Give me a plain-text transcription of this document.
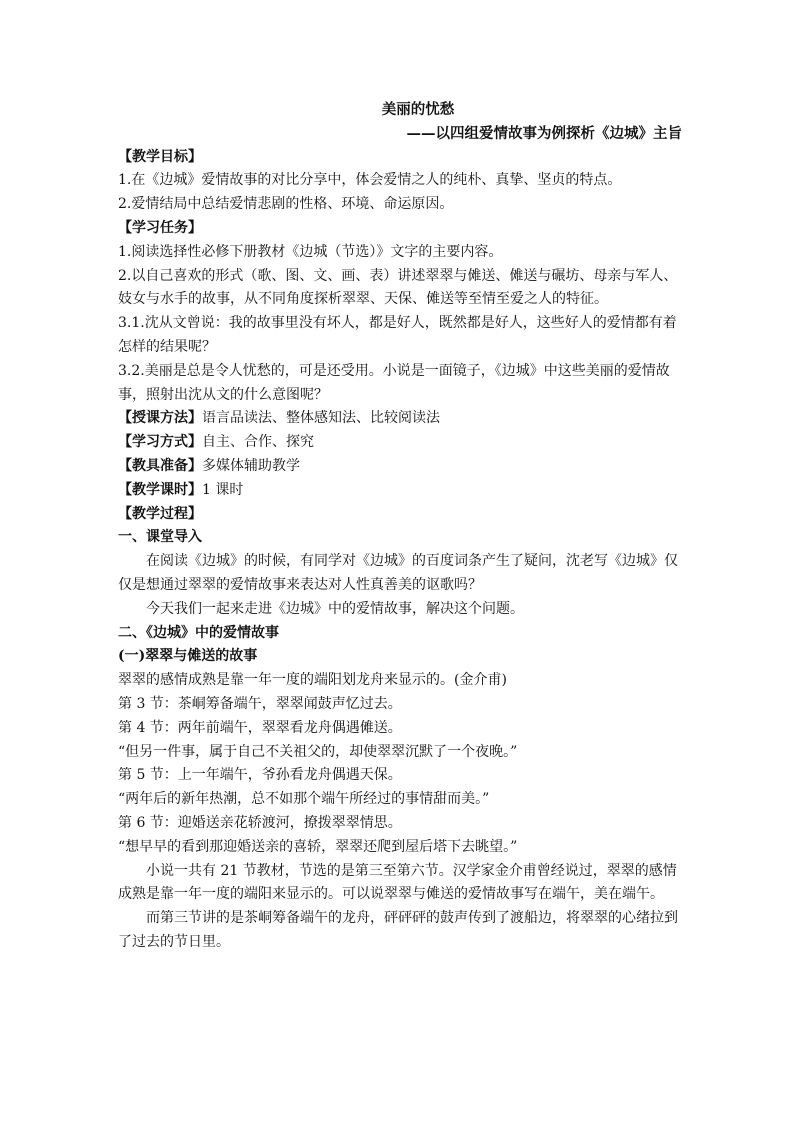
美丽的忧愁
——以四组爱情故事为例探析《边城》主旨
【教学目标】

1.在《边城》爱情故事的对比分享中，体会爱情之人的纯朴、真挚、坚贞的特点。

2.爱情结局中总结爱情悲剧的性格、环境、命运原因。

【学习任务】

1.阅读选择性必修下册教材《边城（节选）》文字的主要内容。

2.以自己喜欢的形式（歌、图、文、画、表）讲述翠翠与傩送、傩送与碾坊、母亲与军人、妓女与水手的故事，从不同角度探析翠翠、天保、傩送等至情至爱之人的特征。

3.1.沈从文曾说：我的故事里没有坏人，都是好人，既然都是好人，这些好人的爱情都有着怎样的结果呢？

3.2.美丽是总是令人忧愁的，可是还受用。小说是一面镜子，《边城》中这些美丽的爱情故事，照射出沈从文的什么意图呢？

【授课方法】语言品读法、整体感知法、比较阅读法

【学习方式】自主、合作、探究

【教具准备】多媒体辅助教学

【教学课时】1 课时

【教学过程】
一、课堂导入

在阅读《边城》的时候，有同学对《边城》的百度词条产生了疑问，沈老写《边城》仅仅是想通过翠翠的爱情故事来表达对人性真善美的讴歌吗？

今天我们一起来走进《边城》中的爱情故事，解决这个问题。

二、《边城》中的爱情故事
(一)翠翠与傩送的故事

翠翠的感情成熟是靠一年一度的端阳划龙舟来显示的。(金介甫)

第 3 节：茶峒筹备端午，翠翠闻鼓声忆过去。

第 4 节：两年前端午，翠翠看龙舟偶遇傩送。

“但另一件事，属于自己不关祖父的，却使翠翠沉默了一个夜晚。”

第 5 节：上一年端午，爷孙看龙舟偶遇天保。

“两年后的新年热潮，总不如那个端午所经过的事情甜而美。”

第 6 节：迎婚送亲花轿渡河，撩拨翠翠情思。

“想早早的看到那迎婚送亲的喜轿，翠翠还爬到屋后塔下去眺望。”

小说一共有 21 节教材，节选的是第三至第六节。汉学家金介甫曾经说过，翠翠的感情成熟是靠一年一度的端阳来显示的。可以说翠翠与傩送的爱情故事写在端午，美在端午。

而第三节讲的是茶峒筹备端午的龙舟，砰砰砰的鼓声传到了渡船边，将翠翠的心绪拉到了过去的节日里。
